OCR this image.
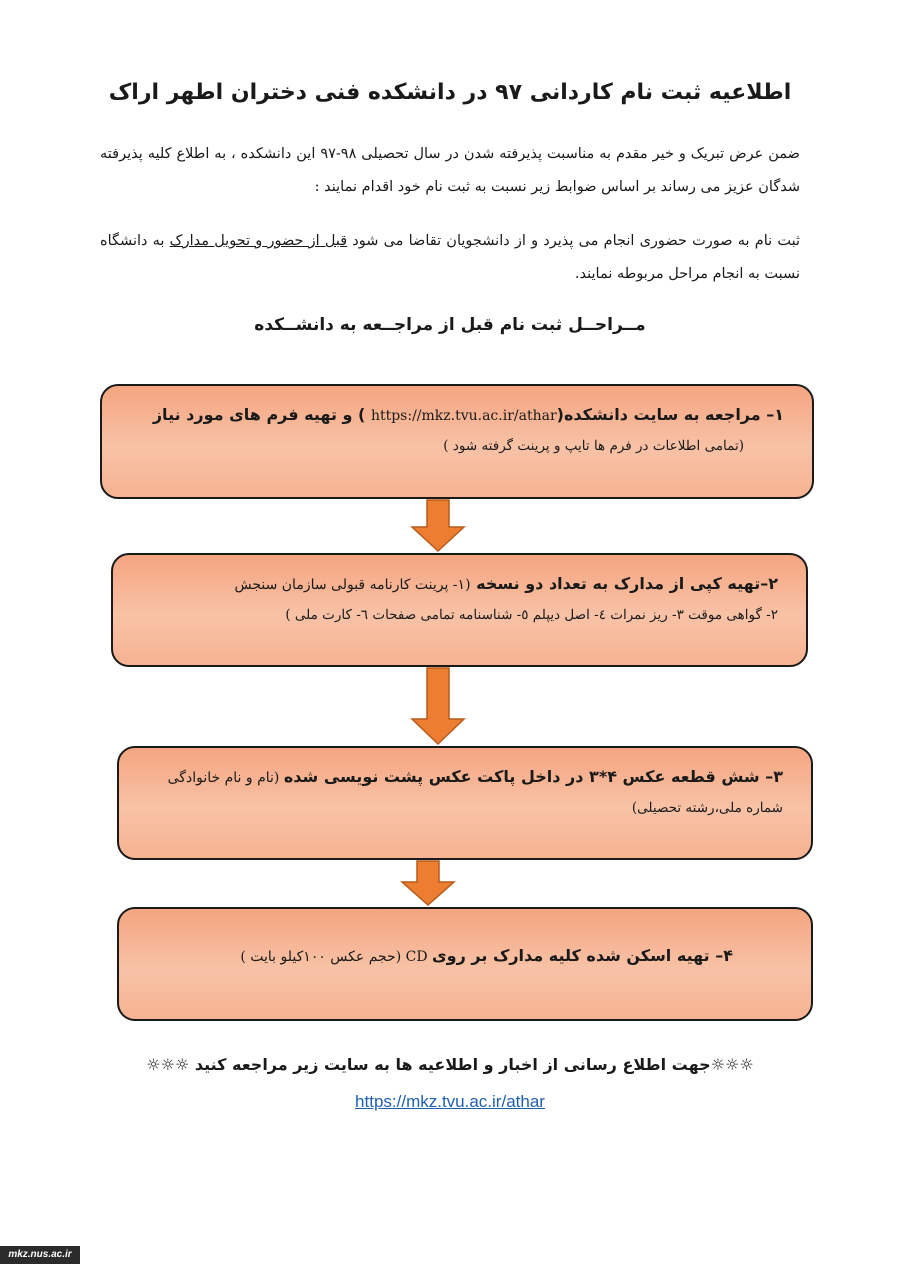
اطلاعیه ثبت نام کاردانی ۹۷ در دانشکده فنی دختران اطهر اراک

ضمن عرض تبریک و خیر مقدم به مناسبت پذیرفته شدن در سال تحصیلی ۹۸-۹۷ این دانشکده ، به اطلاع کلیه پذیرفته شدگان عزیز می رساند بر اساس ضوابط زیر نسبت به ثبت نام خود اقدام نمایند :

ثبت نام به صورت حضوری انجام می پذیرد و از دانشجویان تقاضا می شود قبل از حضور و تحویل مدارک به دانشگاه نسبت به انجام مراحل مربوطه نمایند.

مــراحــل ثبت نام قبل از مراجــعه به دانشــکده
۱– مراجعه به سایت دانشکده(https://mkz.tvu.ac.ir/athar ) و تهیه فرم های مورد نیاز
(تمامی اطلاعات در فرم ها تایپ و پرینت گرفته شود )
۲–تهیه کپی از مدارک به تعداد دو نسخه (۱- پرینت کارنامه قبولی سازمان سنجش
۲- گواهی موقت ۳- ریز نمرات ٤- اصل دیپلم ٥- شناسنامه تمامی صفحات ٦- کارت ملی )
۳– شش قطعه عکس ۴*۳ در داخل پاکت عکس پشت نویسی شده (نام و نام خانوادگی
شماره ملی،رشته تحصیلی)
۴– تهیه اسکن شده کلیه مدارک بر روی CD (حجم عکس ۱۰۰کیلو بایت )

☼☼☼جهت اطلاع رسانی از اخبار و اطلاعیه ها به سایت زیر مراجعه کنید ☼☼☼

https://mkz.tvu.ac.ir/athar
mkz.nus.ac.ir
